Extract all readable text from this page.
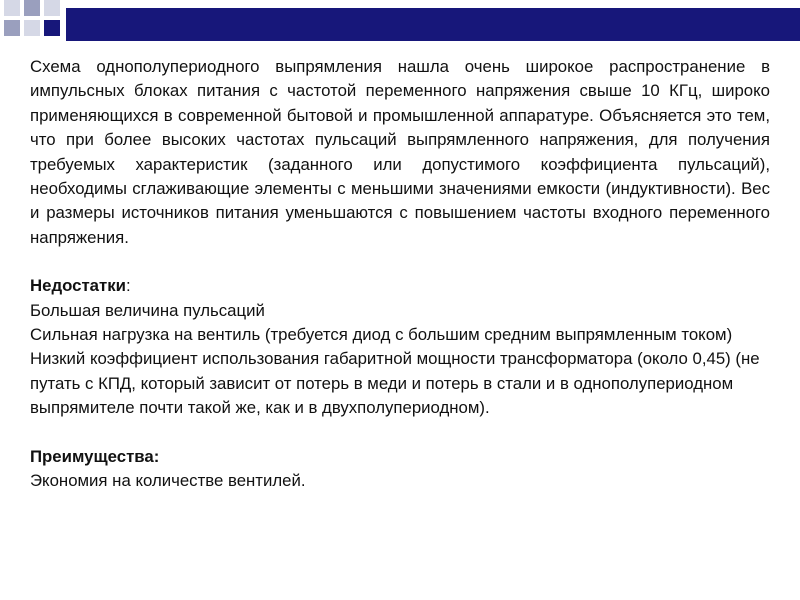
Схема однополупериодного выпрямления нашла очень широкое распространение в импульсных блоках питания с частотой переменного напряжения свыше 10 КГц, широко применяющихся в современной бытовой и промышленной аппаратуре. Объясняется это тем, что при более высоких частотах пульсаций выпрямленного напряжения, для получения требуемых характеристик (заданного или допустимого коэффициента пульсаций), необходимы сглаживающие элементы с меньшими значениями емкости (индуктивности). Вес и размеры источников питания уменьшаются с повышением частоты входного переменного напряжения.

Недостатки:

Большая величина пульсаций

Сильная нагрузка на вентиль (требуется диод с большим средним выпрямленным током)

Низкий коэффициент использования габаритной мощности трансформатора (около 0,45) (не путать с КПД, который зависит от потерь в меди и потерь в стали и в однополупериодном выпрямителе почти такой же, как и в двухполупериодном).

Преимущества:

Экономия на количестве вентилей.
